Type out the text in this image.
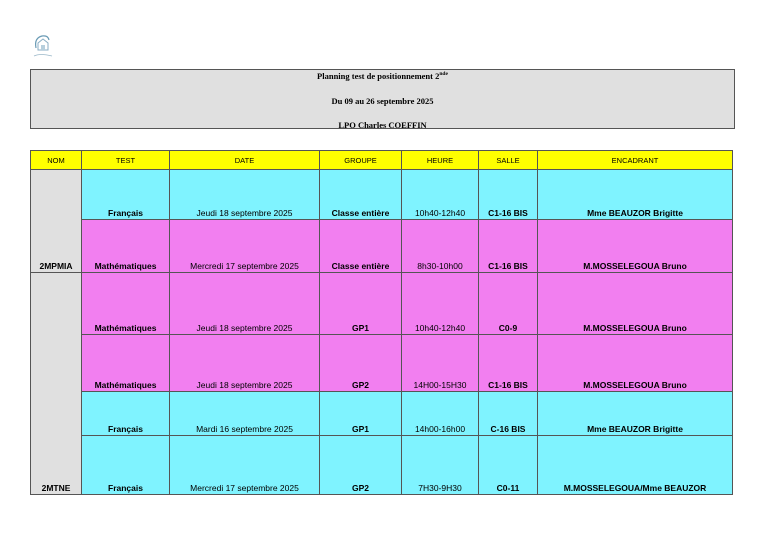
Planning test de positionnement 2nde
Du 09 au 26 septembre 2025
LPO Charles COEFFIN
NOM	TEST	DATE	GROUPE	HEURE	SALLE	ENCADRANT
2MPMIA	Français	Jeudi 18 septembre 2025	Classe entière	10h40-12h40	C1-16 BIS	Mme BEAUZOR Brigitte
	Mathématiques	Mercredi 17 septembre 2025	Classe entière	8h30-10h00	C1-16 BIS	M.MOSSELEGOUA Bruno
2MTNE	Mathématiques	Jeudi 18 septembre 2025	GP1	10h40-12h40	C0-9	M.MOSSELEGOUA Bruno
	Mathématiques	Jeudi 18 septembre 2025	GP2	14H00-15H30	C1-16 BIS	M.MOSSELEGOUA Bruno
	Français	Mardi 16 septembre 2025	GP1	14h00-16h00	C-16 BIS	Mme BEAUZOR Brigitte
	Français	Mercredi 17 septembre 2025	GP2	7H30-9H30	C0-11	M.MOSSELEGOUA/Mme BEAUZOR
